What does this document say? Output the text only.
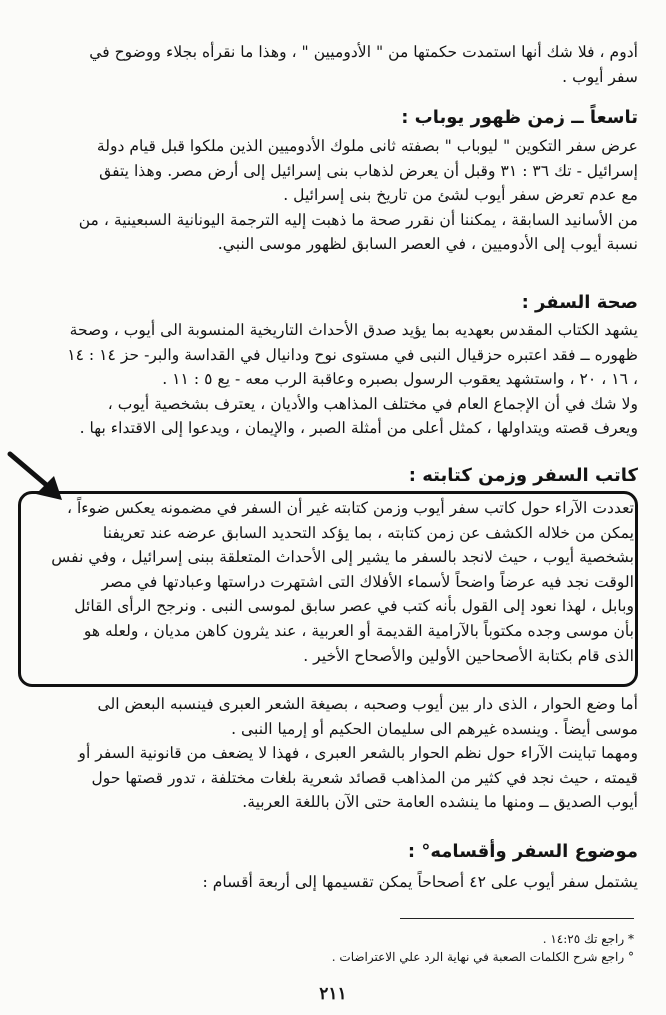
أدوم ، فلا شك أنها استمدت حكمتها من " الأدوميين " ، وهذا ما نقرأه بجلاء ووضوح في

سفر أيوب .

تاسعاً ــ زمن ظهور يوباب :

عرض سفر التكوين " ليوباب " بصفته ثانى ملوك الأدوميين الذين ملكوا قبل قيام دولة

إسرائيل - تك ٣٦ : ٣١ وقبل أن يعرض لذهاب بنى إسرائيل إلى أرض مصر. وهذا يتفق

مع عدم تعرض سفر أيوب لشئ من تاريخ بنى إسرائيل .

من الأسانيد السابقة ، يمكننا أن نقرر صحة ما ذهبت إليه الترجمة اليونانية السبعينية ، من

نسبة أيوب إلى الأدوميين ، في العصر السابق لظهور موسى النبي.

صحة السفر :

يشهد الكتاب المقدس بعهديه بما يؤيد صدق الأحداث التاريخية المنسوبة الى أيوب ، وصحة

ظهوره ــ فقد اعتبره حزقيال النبى في مستوى نوح ودانيال في القداسة والبر- حز ١٤ : ١٤

، ١٦ ، ٢٠ ، واستشهد يعقوب الرسول بصبره وعاقبة الرب معه - يع ٥ : ١١ .

ولا شك في أن الإجماع العام في مختلف المذاهب والأديان ، يعترف بشخصية أيوب ،

ويعرف قصته ويتداولها ، كمثل أعلى من أمثلة الصبر ، والإيمان ، ويدعوا إلى الاقتداء بها .

كاتب السفر وزمن كتابته :

تعددت الآراء حول كاتب سفر أيوب وزمن كتابته غير أن السفر في مضمونه يعكس ضوءاً ،

يمكن من خلاله الكشف عن زمن كتابته ، بما يؤكد التحديد السابق عرضه عند تعريفنا

بشخصية أيوب ، حيث لانجد بالسفر ما يشير إلى الأحداث المتعلقة ببنى إسرائيل ، وفي نفس

الوقت نجد فيه عرضاً واضحاً لأسماء الأفلاك التى اشتهرت دراستها وعبادتها في مصر

وبابل ، لهذا نعود إلى القول بأنه كتب في عصر سابق لموسى النبى . ونرجح الرأى القائل

بأن موسى وجده مكتوباً بالآرامية القديمة أو العربية ، عند يثرون كاهن مديان ، ولعله هو

الذى قام بكتابة الأصحاحين الأولين والأصحاح الأخير .

أما وضع الحوار ، الذى دار بين أيوب وصحبه ، بصيغة الشعر العبرى فينسبه البعض الى

موسى أيضاً . وينسده غيرهم الى سليمان الحكيم أو إرميا النبى .

ومهما تباينت الآراء حول نظم الحوار بالشعر العبرى ، فهذا لا يضعف من قانونية السفر أو

قيمته ، حيث نجد في كثير من المذاهب قصائد شعرية بلغات مختلفة ، تدور قصتها حول

أيوب الصديق ــ ومنها ما ينشده العامة حتى الآن باللغة العربية.

موضوع السفر وأقسامه° :

يشتمل سفر أيوب على ٤٢ أصحاحاً يمكن تقسيمها إلى أربعة أقسام :

* راجع تك ١٤:٢٥ .
° راجع شرح الكلمات الصعبة في نهاية الرد علي الاعتراضات .
٢١١
